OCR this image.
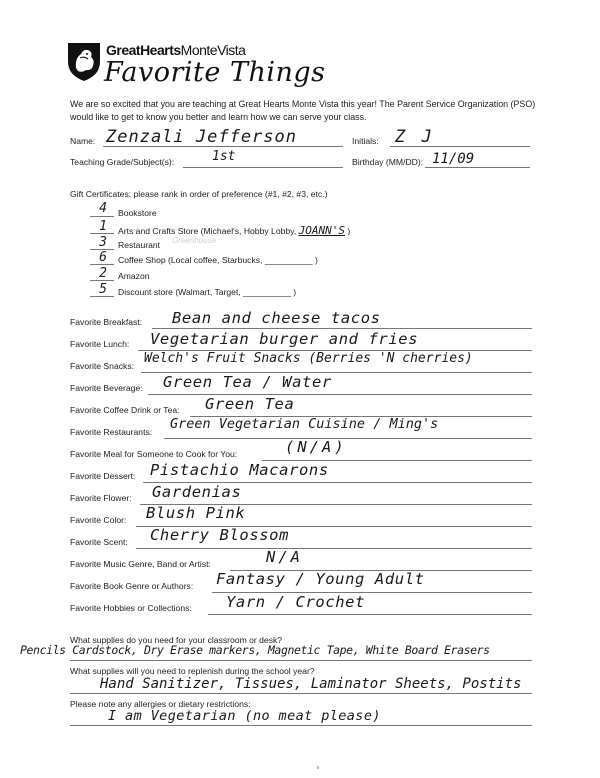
GreatHeartsMonteVista
Favorite Things
We are so excited that you are teaching at Great Hearts Monte Vista this year! The Parent Service Organization (PSO) would like to get to know you better and learn how we can serve your class.
Name: Zenzali Jefferson	Initials: Z J
Teaching Grade/Subject(s):	1st	Birthday (MM/DD): 11/09
Gift Certificates: please rank in order of preference (#1, #2, #3, etc.)
4	Bookstore
1	Arts and Crafts Store (Michael's, Hobby Lobby, JOANN'S )
3	Restaurant Greenhouse
6	Coffee Shop (Local coffee, Starbucks, __________ )
2	Amazon
5	Discount store (Walmart, Target, __________ )
Favorite Breakfast: Bean and cheese tacos
Favorite Lunch: Vegetarian burger and fries
Favorite Snacks: Welch's Fruit Snacks (Berries 'N cherries)
Favorite Beverage: Green Tea / Water
Favorite Coffee Drink or Tea: Green Tea
Favorite Restaurants: Green Vegetarian Cuisine / Ming's
Favorite Meal for Someone to Cook for You:	(N/A)
Favorite Dessert: Pistachio Macarons
Favorite Flower: Gardenias
Favorite Color: Blush Pink
Favorite Scent: Cherry Blossom
Favorite Music Genre, Band or Artist:	N/A
Favorite Book Genre or Authors: Fantasy / Young Adult
Favorite Hobbies or Collections: Yarn / Crochet
What supplies do you need for your classroom or desk?
Pencils Cardstock, Dry Erase markers, Magnetic Tape, White Board Erasers
What supplies will you need to replenish during the school year?
Hand Sanitizer, Tissues, Laminator Sheets, Postits
Please note any allergies or dietary restrictions:
I am Vegetarian (no meat please)
